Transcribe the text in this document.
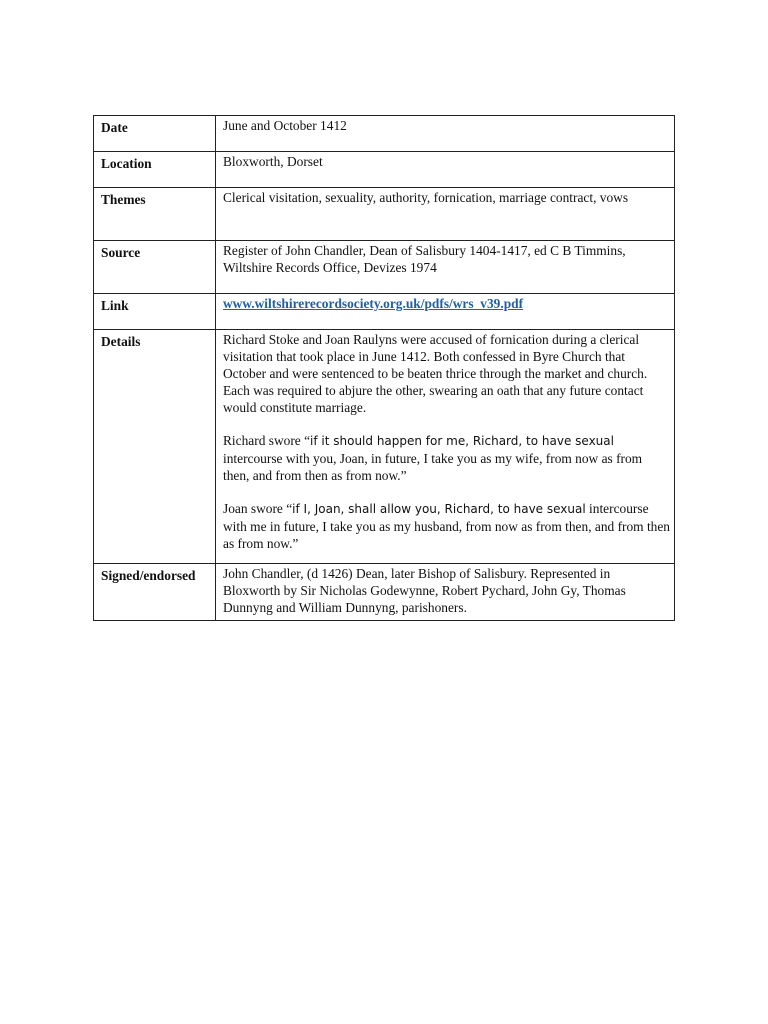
Date	June and October 1412
Location	Bloxworth, Dorset
Themes	Clerical visitation, sexuality, authority, fornication, marriage contract, vows
Source	Register of John Chandler, Dean of Salisbury 1404-1417, ed C B Timmins, Wiltshire Records Office, Devizes 1974
Link	www.wiltshirerecordsociety.org.uk/pdfs/wrs_v39.pdf
Details	Richard Stoke and Joan Raulyns were accused of fornication during a clerical visitation that took place in June 1412. Both confessed in Byre Church that October and were sentenced to be beaten thrice through the market and church. Each was required to abjure the other, swearing an oath that any future contact would constitute marriage.

Richard swore “if it should happen for me, Richard, to have sexual intercourse with you, Joan, in future, I take you as my wife, from now as from then, and from then as from now.”

Joan swore “if I, Joan, shall allow you, Richard, to have sexual intercourse with me in future, I take you as my husband, from now as from then, and from then as from now.”

Signed/endorsed	John Chandler, (d 1426) Dean, later Bishop of Salisbury. Represented in Bloxworth by Sir Nicholas Godewynne, Robert Pychard, John Gy, Thomas Dunnyng and William Dunnyng, parishoners.
